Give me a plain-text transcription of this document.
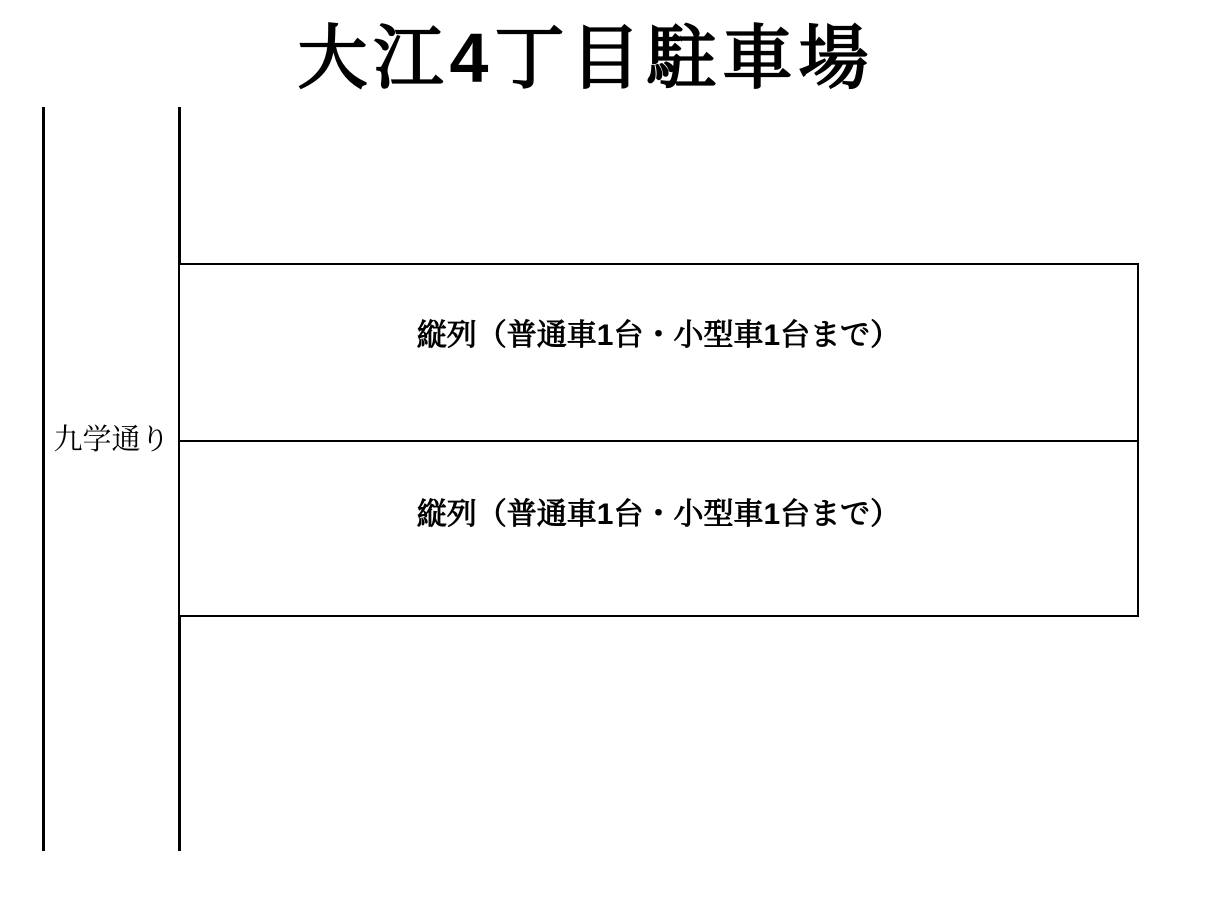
大江4丁目駐車場
九学通り
縦列（普通車1台・小型車1台まで）
縦列（普通車1台・小型車1台まで）
